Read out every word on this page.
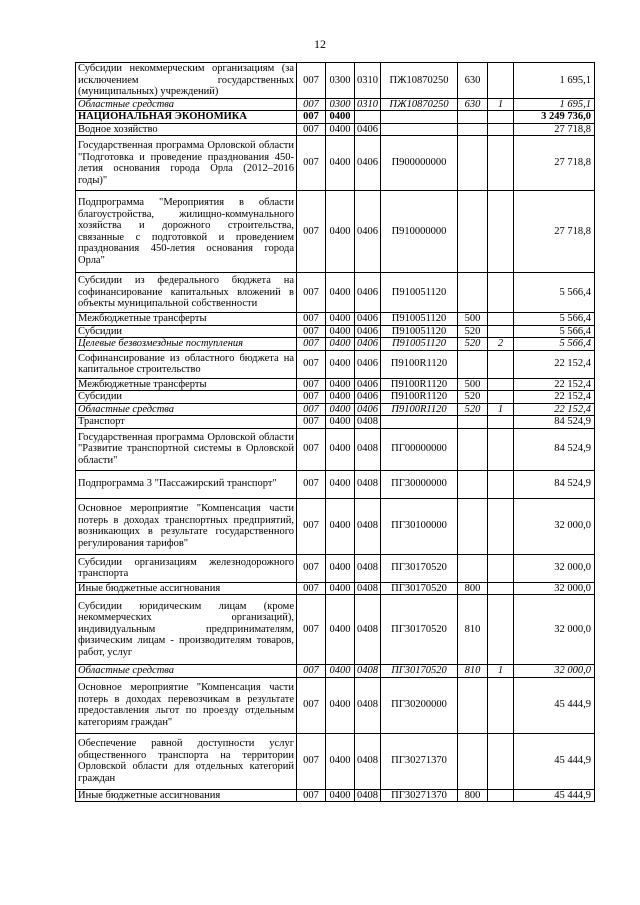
12
Субсидии некоммерческим организациям (за исключением государственных (муниципальных) учреждений)	007	0300	0310	ПЖ10870250	630		1 695,1
Областные средства	007	0300	0310	ПЖ10870250	630	1	1 695,1
НАЦИОНАЛЬНАЯ ЭКОНОМИКА	007	0400					3 249 736,0
Водное хозяйство	007	0400	0406				27 718,8
Государственная программа Орловской области "Подготовка и проведение празднования 450-летия основания города Орла (2012–2016 годы)"	007	0400	0406	П900000000			27 718,8
Подпрограмма "Мероприятия в области благоустройства, жилищно-коммунального хозяйства и дорожного строительства, связанные с подготовкой и проведением празднования 450-летия основания города Орла"	007	0400	0406	П910000000			27 718,8
Субсидии из федерального бюджета на софинансирование капитальных вложений в объекты муниципальной собственности	007	0400	0406	П910051120			5 566,4
Межбюджетные трансферты	007	0400	0406	П910051120	500		5 566,4
Субсидии	007	0400	0406	П910051120	520		5 566,4
Целевые безвозмездные поступления	007	0400	0406	П910051120	520	2	5 566,4
Софинансирование из областного бюджета на капитальное строительство	007	0400	0406	П9100R1120			22 152,4
Межбюджетные трансферты	007	0400	0406	П9100R1120	500		22 152,4
Субсидии	007	0400	0406	П9100R1120	520		22 152,4
Областные средства	007	0400	0406	П9100R1120	520	1	22 152,4
Транспорт	007	0400	0408				84 524,9
Государственная программа Орловской области "Развитие транспортной системы в Орловской области"	007	0400	0408	ПГ00000000			84 524,9
Подпрограмма 3 "Пассажирский транспорт"	007	0400	0408	ПГ30000000			84 524,9
Основное мероприятие "Компенсация части потерь в доходах транспортных предприятий, возникающих в результате государственного регулирования тарифов"	007	0400	0408	ПГ30100000			32 000,0
Субсидии организациям железнодорожного транспорта	007	0400	0408	ПГ30170520			32 000,0
Иные бюджетные ассигнования	007	0400	0408	ПГ30170520	800		32 000,0
Субсидии юридическим лицам (кроме некоммерческих организаций), индивидуальным предпринимателям, физическим лицам - производителям товаров, работ, услуг	007	0400	0408	ПГ30170520	810		32 000,0
Областные средства	007	0400	0408	ПГ30170520	810	1	32 000,0
Основное мероприятие "Компенсация части потерь в доходах перевозчикам в результате предоставления льгот по проезду отдельным категориям граждан"	007	0400	0408	ПГ30200000			45 444,9
Обеспечение равной доступности услуг общественного транспорта на территории Орловской области для отдельных категорий граждан	007	0400	0408	ПГ30271370			45 444,9
Иные бюджетные ассигнования	007	0400	0408	ПГ30271370	800		45 444,9
